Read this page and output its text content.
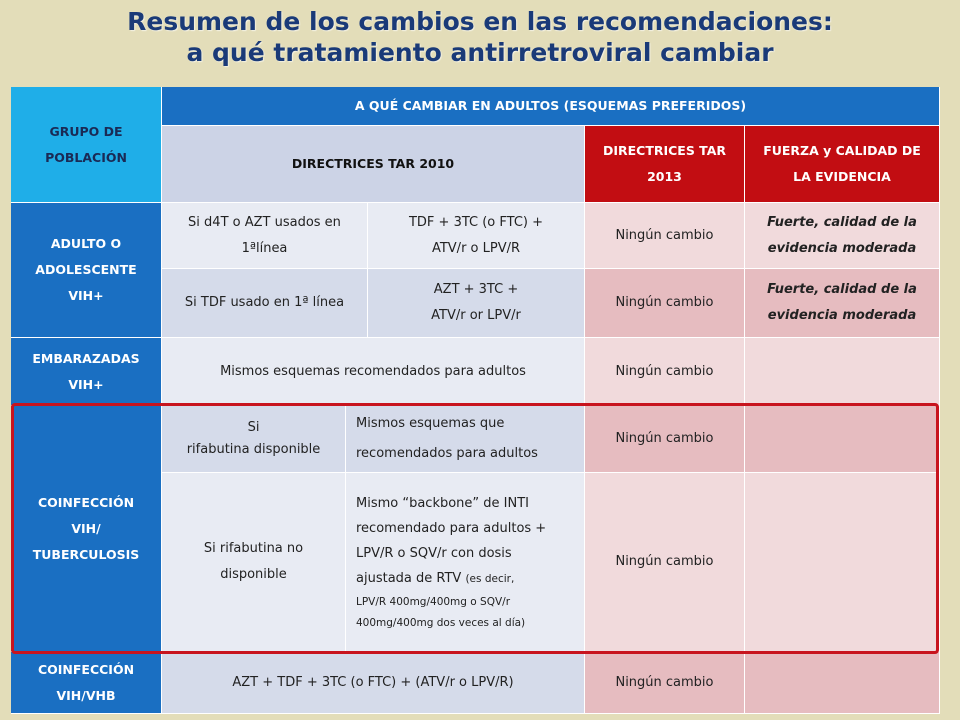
Resumen de los cambios en las recomendaciones:
a qué tratamiento antirretroviral cambiar
GRUPO DE
POBLACIÓN
A QUÉ CAMBIAR EN ADULTOS (ESQUEMAS PREFERIDOS)
DIRECTRICES TAR 2010
DIRECTRICES TAR
2013
FUERZA y CALIDAD DE
LA EVIDENCIA
ADULTO O
ADOLESCENTE
VIH+
Si d4T o AZT usados en
1ªlínea
TDF + 3TC (o FTC) +
ATV/r o LPV/R
Ningún cambio
Fuerte, calidad de la
evidencia moderada
Si TDF usado en 1ª línea
AZT + 3TC +
ATV/r or LPV/r
Ningún cambio
Fuerte, calidad de la
evidencia moderada
EMBARAZADAS
VIH+
Mismos esquemas recomendados para adultos	Ningún cambio
COINFECCIÓN
VIH/
TUBERCULOSIS
Si
rifabutina disponible
Mismos esquemas que
recomendados para adultos
Ningún cambio
Si rifabutina no
disponible
Mismo “backbone” de INTI
recomendado para adultos +
LPV/R o SQV/r con dosis
ajustada de RTV (es decir,
LPV/R 400mg/400mg o SQV/r
400mg/400mg dos veces al día)
Ningún cambio
COINFECCIÓN
VIH/VHB
AZT + TDF + 3TC (o FTC) + (ATV/r o LPV/R)	Ningún cambio
